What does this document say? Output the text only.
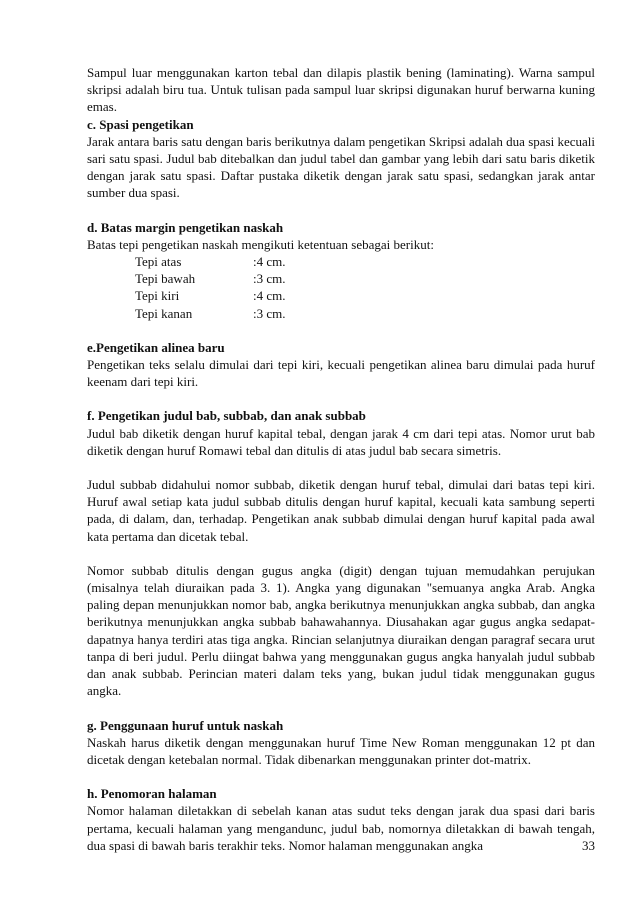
Sampul luar menggunakan karton tebal dan dilapis plastik bening (laminating). Warna sampul skripsi adalah biru tua. Untuk tulisan pada sampul luar skripsi digunakan huruf berwarna kuning emas.

c. Spasi pengetikan

Jarak antara baris satu dengan baris berikutnya dalam pengetikan Skripsi adalah dua spasi kecuali sari satu spasi. Judul bab ditebalkan dan judul tabel dan gambar yang lebih dari satu baris diketik dengan jarak satu spasi. Daftar pustaka diketik dengan jarak satu spasi, sedangkan jarak antar sumber dua spasi.

d. Batas margin pengetikan naskah

Batas tepi pengetikan naskah mengikuti ketentuan sebagai berikut:

Tepi atas	:4 cm.
Tepi bawah	:3 cm.
Tepi kiri	:4 cm.
Tepi kanan	:3 cm.
e.Pengetikan alinea baru

Pengetikan teks selalu dimulai dari tepi kiri, kecuali pengetikan alinea baru dimulai pada huruf keenam dari tepi kiri.

f. Pengetikan judul bab, subbab, dan anak subbab

Judul bab diketik dengan huruf kapital tebal, dengan jarak 4 cm dari tepi atas. Nomor urut bab diketik dengan huruf Romawi tebal dan ditulis di atas judul bab secara simetris.

Judul subbab didahului nomor subbab, diketik dengan huruf tebal, dimulai dari batas tepi kiri. Huruf awal setiap kata judul subbab ditulis dengan huruf kapital, kecuali kata sambung seperti pada, di dalam, dan, terhadap. Pengetikan anak subbab dimulai dengan huruf kapital pada awal kata pertama dan dicetak tebal.

Nomor subbab ditulis dengan gugus angka (digit) dengan tujuan memudahkan perujukan (misalnya telah diuraikan pada 3. 1). Angka yang digunakan "semuanya angka Arab. Angka paling depan menunjukkan nomor bab, angka berikutnya menunjukkan angka subbab, dan angka berikutnya menunjukkan angka subbab bahawahannya. Diusahakan agar gugus angka sedapat-dapatnya hanya terdiri atas tiga angka. Rincian selanjutnya diuraikan dengan paragraf secara urut tanpa di beri judul. Perlu diingat bahwa yang menggunakan gugus angka hanyalah judul subbab dan anak subbab. Perincian materi dalam teks yang, bukan judul tidak menggunakan gugus angka.

g. Penggunaan huruf untuk naskah

Naskah harus diketik dengan menggunakan huruf Time New Roman menggunakan 12 pt dan dicetak dengan ketebalan normal. Tidak dibenarkan menggunakan printer dot-matrix.

h. Penomoran halaman

Nomor halaman diletakkan di sebelah kanan atas sudut teks dengan jarak dua spasi dari baris pertama, kecuali halaman yang mengandunc, judul bab, nomornya diletakkan di bawah tengah, dua spasi di bawah baris terakhir teks. Nomor halaman menggunakan angka	33
